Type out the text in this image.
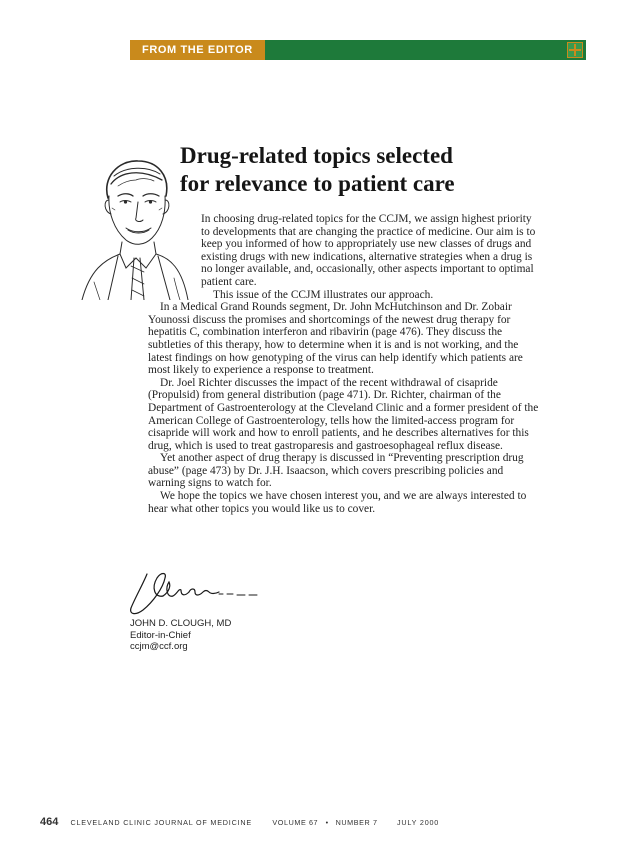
FROM THE EDITOR
Drug-related topics selected
for relevance to patient care

In choosing drug-related topics for the CCJM, we assign highest priority to developments that are changing the practice of medicine. Our aim is to keep you informed of how to appropriately use new classes of drugs and existing drugs with new indications, alternative strategies when a drug is no longer available, and, occasionally, other aspects important to optimal patient care.

This issue of the CCJM illustrates our approach.

In a Medical Grand Rounds segment, Dr. John McHutchinson and Dr. Zobair Younossi discuss the promises and shortcomings of the newest drug therapy for hepatitis C, combination interferon and ribavirin (page 476). They discuss the subtleties of this therapy, how to determine when it is and is not working, and the latest findings on how genotyping of the virus can help identify which patients are most likely to experience a response to treatment.

Dr. Joel Richter discusses the impact of the recent withdrawal of cisapride (Propulsid) from general distribution (page 471). Dr. Richter, chairman of the Department of Gastroenterology at the Cleveland Clinic and a former president of the American College of Gastroenterology, tells how the limited-access program for cisapride will work and how to enroll patients, and he describes alternatives for this drug, which is used to treat gastroparesis and gastroesophageal reflux disease.

Yet another aspect of drug therapy is discussed in “Preventing prescription drug abuse” (page 473) by Dr. J.H. Isaacson, which covers prescribing policies and warning signs to watch for.

We hope the topics we have chosen interest you, and we are always interested to hear what other topics you would like us to cover.

JOHN D. CLOUGH, MD
Editor-in-Chief
ccjm@ccf.org
464 CLEVELAND CLINIC JOURNAL OF MEDICINE	VOLUME 67 • NUMBER 7	JULY 2000
